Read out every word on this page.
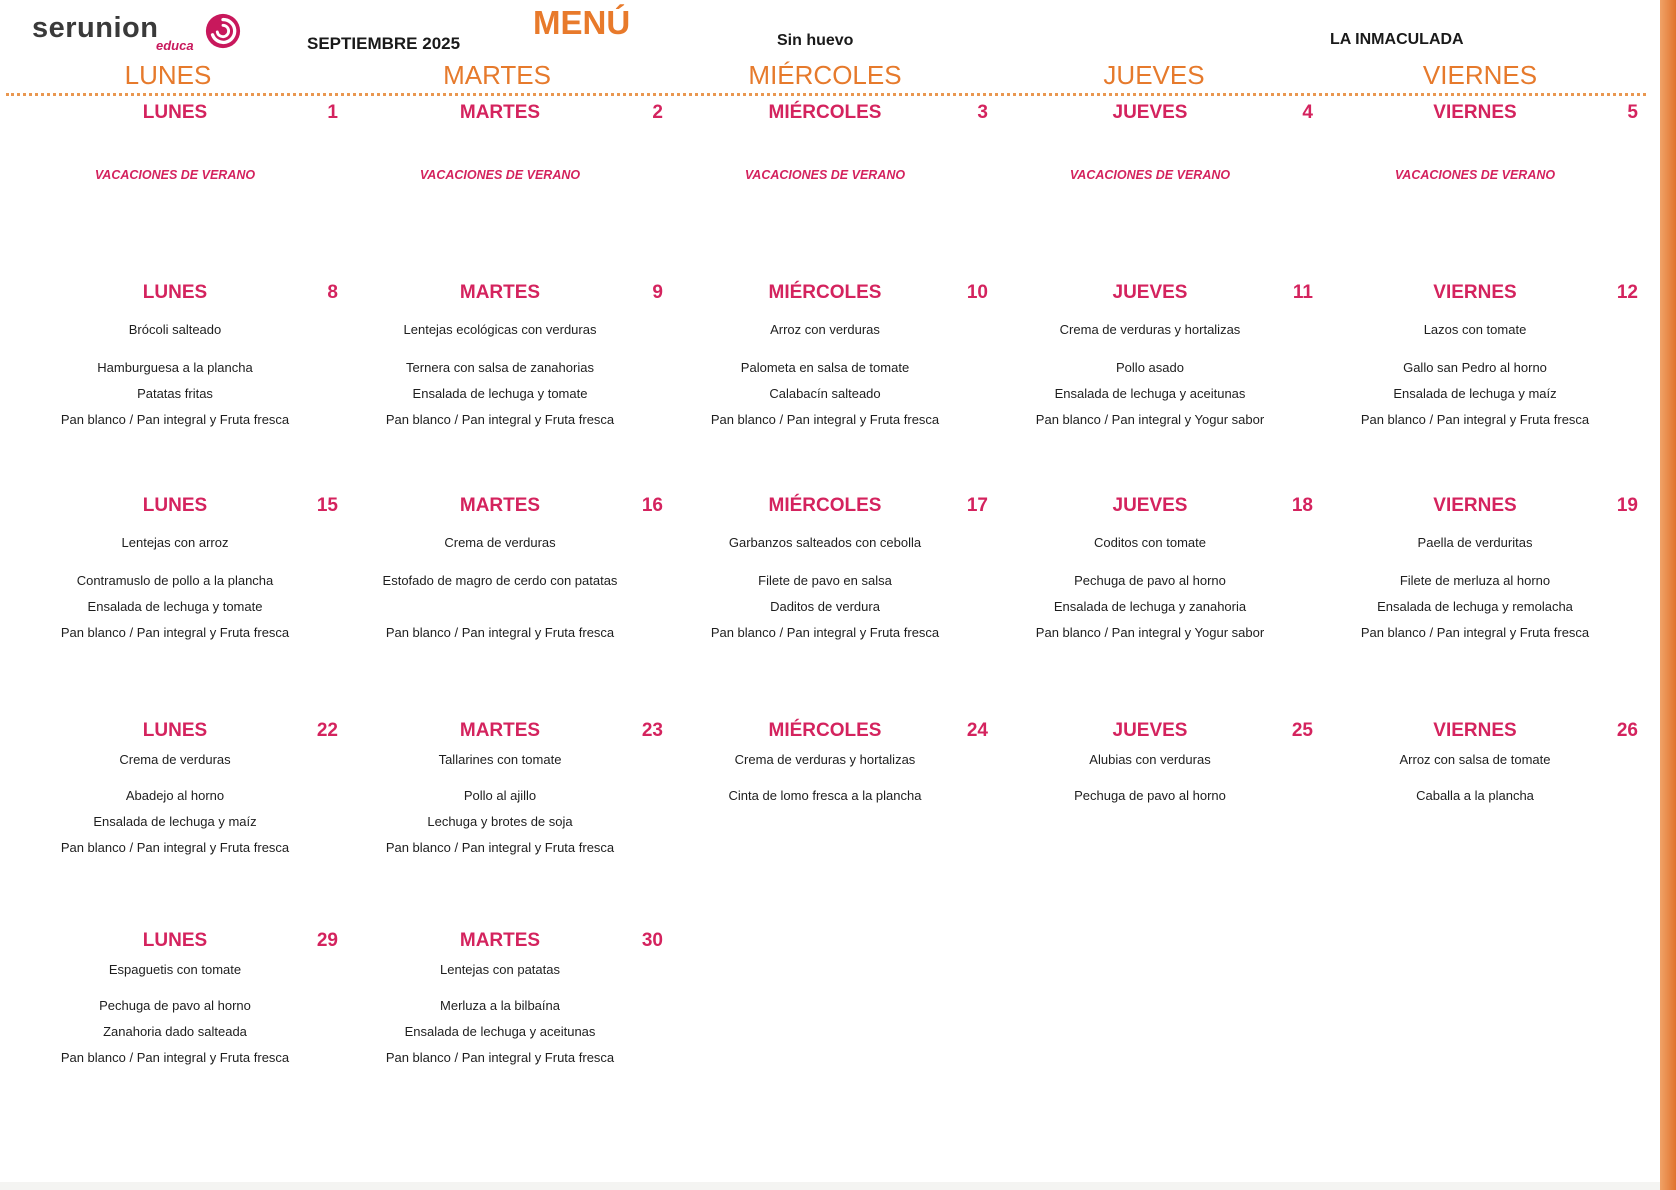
serunion
educa	SEPTIEMBRE 2025
MENÚ	Sin huevo	LA INMACULADA
LUNES	MARTES	MIÉRCOLES	JUEVES	VIERNES
LUNES	1
VACACIONES DE VERANO
MARTES	2
VACACIONES DE VERANO
MIÉRCOLES	3
VACACIONES DE VERANO
JUEVES	4
VACACIONES DE VERANO
VIERNES	5
VACACIONES DE VERANO
LUNES	8
Brócoli salteado
Hamburguesa a la plancha
Patatas fritas
Pan blanco / Pan integral y Fruta fresca
MARTES	9
Lentejas ecológicas con verduras
Ternera con salsa de zanahorias
Ensalada de lechuga y tomate
Pan blanco / Pan integral y Fruta fresca
MIÉRCOLES	10
Arroz con verduras
Palometa en salsa de tomate
Calabacín salteado
Pan blanco / Pan integral y Fruta fresca
JUEVES	11
Crema de verduras y hortalizas
Pollo asado
Ensalada de lechuga y aceitunas
Pan blanco / Pan integral y Yogur sabor
VIERNES	12
Lazos con tomate
Gallo san Pedro al horno
Ensalada de lechuga y maíz
Pan blanco / Pan integral y Fruta fresca
LUNES	15
Lentejas con arroz
Contramuslo de pollo a la plancha
Ensalada de lechuga y tomate
Pan blanco / Pan integral y Fruta fresca
MARTES	16
Crema de verduras
Estofado de magro de cerdo con patatas
Pan blanco / Pan integral y Fruta fresca
MIÉRCOLES	17
Garbanzos salteados con cebolla
Filete de pavo en salsa
Daditos de verdura
Pan blanco / Pan integral y Fruta fresca
JUEVES	18
Coditos con tomate
Pechuga de pavo al horno
Ensalada de lechuga y zanahoria
Pan blanco / Pan integral y Yogur sabor
VIERNES	19
Paella de verduritas
Filete de merluza al horno
Ensalada de lechuga y remolacha
Pan blanco / Pan integral y Fruta fresca
LUNES	22
Crema de verduras
Abadejo al horno
Ensalada de lechuga y maíz
Pan blanco / Pan integral y Fruta fresca
MARTES	23
Tallarines con tomate
Pollo al ajillo
Lechuga y brotes de soja
Pan blanco / Pan integral y Fruta fresca
MIÉRCOLES	24
Crema de verduras y hortalizas
Cinta de lomo fresca a la plancha
JUEVES	25
Alubias con verduras
Pechuga de pavo al horno
VIERNES	26
Arroz con salsa de tomate
Caballa a la plancha
LUNES	29
Espaguetis con tomate
Pechuga de pavo al horno
Zanahoria dado salteada
Pan blanco / Pan integral y Fruta fresca
MARTES	30
Lentejas con patatas
Merluza a la bilbaína
Ensalada de lechuga y aceitunas
Pan blanco / Pan integral y Fruta fresca
